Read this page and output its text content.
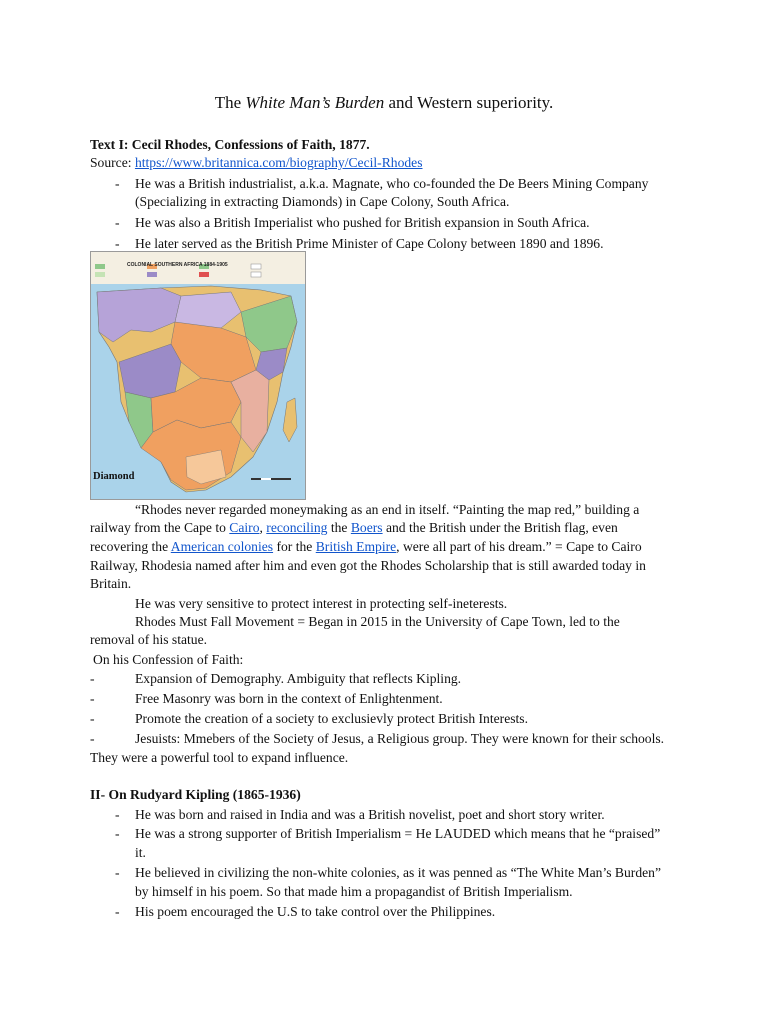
The White Man’s Burden and Western superiority.
Text I: Cecil Rhodes, Confessions of Faith, 1877.
Source: https://www.britannica.com/biography/Cecil-Rhodes
- He was a British industrialist, a.k.a. Magnate, who co-founded the De Beers Mining Company
(Specializing in extracting Diamonds) in Cape Colony, South Africa.
- He was also a British Imperialist who pushed for British expansion in South Africa.
- He later served as the British Prime Minister of Cape Colony between 1890 and 1896.
COLONIAL SOUTHERN AFRICA 1884-1905
Diamond
“Rhodes never regarded moneymaking as an end in itself. “Painting the map red,” building a
railway from the Cape to Cairo, reconciling the Boers and the British under the British flag, even
recovering the American colonies for the British Empire, were all part of his dream.” = Cape to Cairo
Railway, Rhodesia named after him and even got the Rhodes Scholarship that is still awarded today in
Britain.
He was very sensitive to protect interest in protecting self-ineterests.
Rhodes Must Fall Movement = Began in 2015 in the University of Cape Town, led to the
removal of his statue.
On his Confession of Faith:
-	Expansion of Demography. Ambiguity that reflects Kipling.
-	Free Masonry was born in the context of Enlightenment.
-	Promote the creation of a society to exclusievly protect British Interests.
-	Jesuists: Mmebers of the Society of Jesus, a Religious group. They were known for their schools.
They were a powerful tool to expand influence.
II- On Rudyard Kipling (1865-1936)
- He was born and raised in India and was a British novelist, poet and short story writer.
- He was a strong supporter of British Imperialism = He LAUDED which means that he “praised”
it.
- He believed in civilizing the non-white colonies, as it was penned as “The White Man’s Burden”
by himself in his poem. So that made him a propagandist of British Imperialism.
- His poem encouraged the U.S to take control over the Philippines.
